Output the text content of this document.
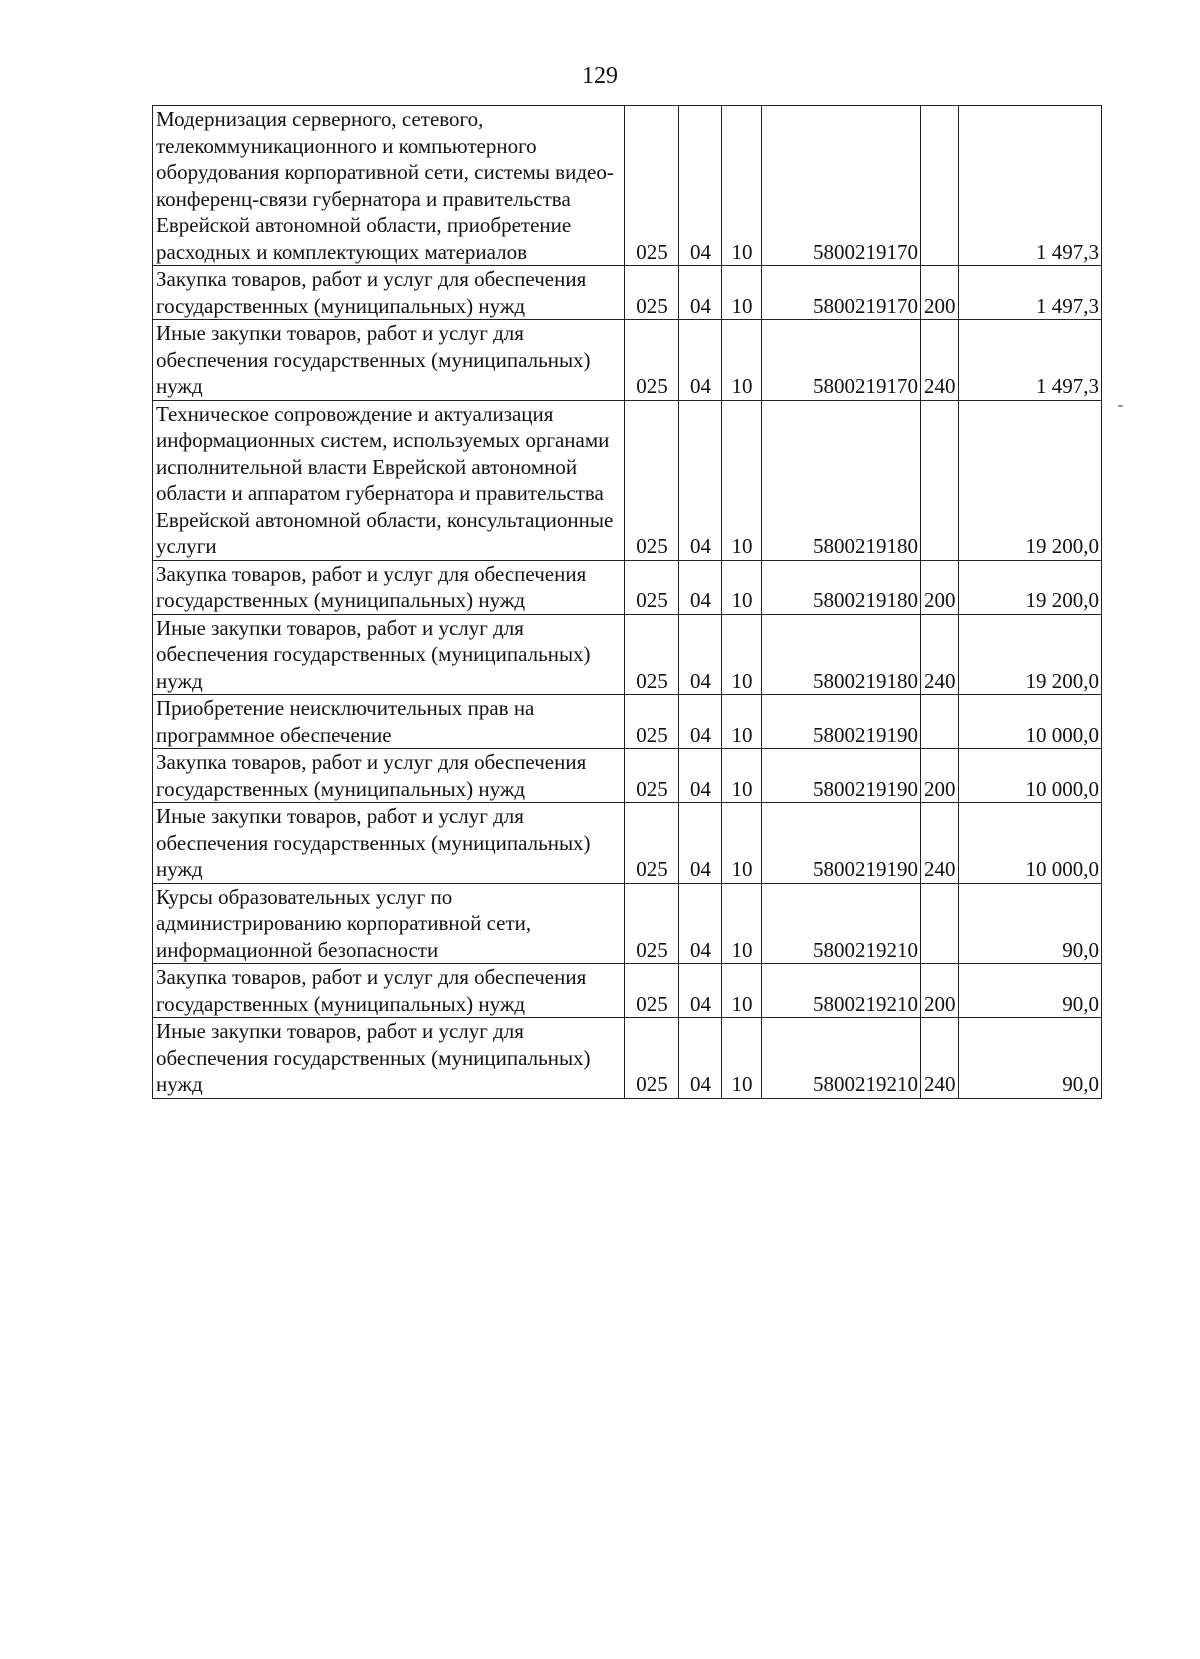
129
Модернизация серверного, сетевого, телекоммуникационного и компьютерного оборудования корпоративной сети, системы видео-конференц-связи губернатора и правительства Еврейской автономной области, приобретение расходных и комплектующих материалов	025	04	10	5800219170		1 497,3
Закупка товаров, работ и услуг для обеспечения государственных (муниципальных) нужд	025	04	10	5800219170	200	1 497,3
Иные закупки товаров, работ и услуг для обеспечения государственных (муниципальных) нужд	025	04	10	5800219170	240	1 497,3
Техническое сопровождение и актуализация информационных систем, используемых органами исполнительной власти Еврейской автономной области и аппаратом губернатора и правительства Еврейской автономной области, консультационные услуги	025	04	10	5800219180		19 200,0
Закупка товаров, работ и услуг для обеспечения государственных (муниципальных) нужд	025	04	10	5800219180	200	19 200,0
Иные закупки товаров, работ и услуг для обеспечения государственных (муниципальных) нужд	025	04	10	5800219180	240	19 200,0
Приобретение неисключительных прав на программное обеспечение	025	04	10	5800219190		10 000,0
Закупка товаров, работ и услуг для обеспечения государственных (муниципальных) нужд	025	04	10	5800219190	200	10 000,0
Иные закупки товаров, работ и услуг для обеспечения государственных (муниципальных) нужд	025	04	10	5800219190	240	10 000,0
Курсы образовательных услуг по администрированию корпоративной сети, информационной безопасности	025	04	10	5800219210		90,0
Закупка товаров, работ и услуг для обеспечения государственных (муниципальных) нужд	025	04	10	5800219210	200	90,0
Иные закупки товаров, работ и услуг для обеспечения государственных (муниципальных) нужд	025	04	10	5800219210	240	90,0
